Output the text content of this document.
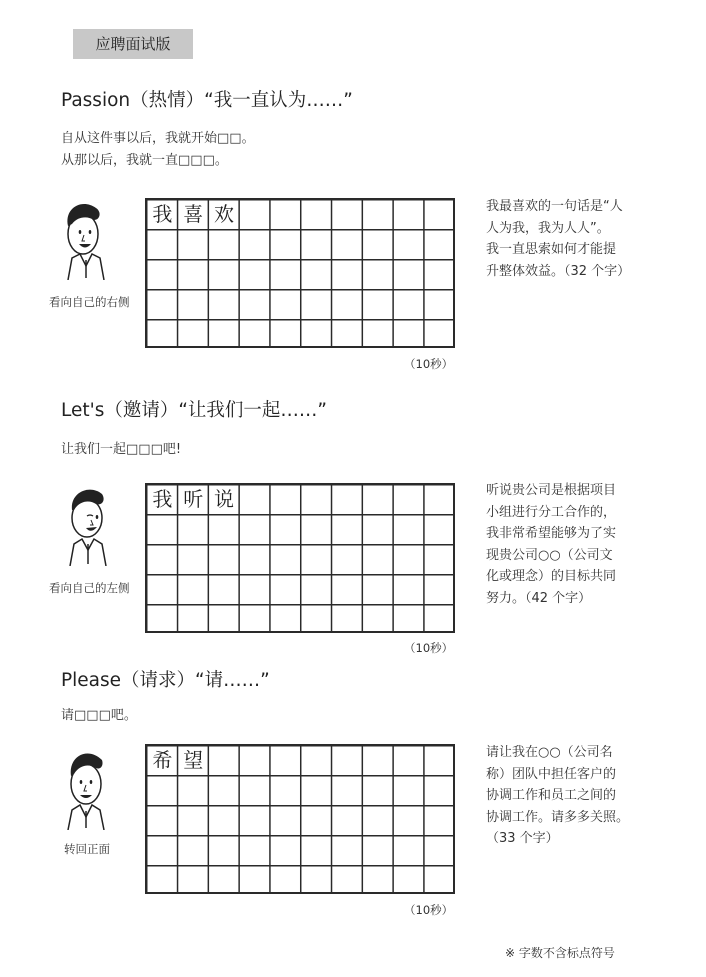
应聘面试版
Passion（热情）“我一直认为……”
自从这件事以后，我就开始□□。
从那以后，我就一直□□□。
看向自己的右侧
我 喜 欢
（10秒）
我最喜欢的一句话是“人
人为我，我为人人”。
我一直思索如何才能提
升整体效益。（32 个字）
Let's（邀请）“让我们一起……”
让我们一起□□□吧!
看向自己的左侧
我 听 说
（10秒）
听说贵公司是根据项目
小组进行分工合作的，
我非常希望能够为了实
现贵公司○○（公司文
化或理念）的目标共同
努力。（42 个字）
Please（请求）“请……”
请□□□吧。
转回正面
希 望
（10秒）
请让我在○○（公司名
称）团队中担任客户的
协调工作和员工之间的
协调工作。请多多关照。
（33 个字）
※ 字数不含标点符号
